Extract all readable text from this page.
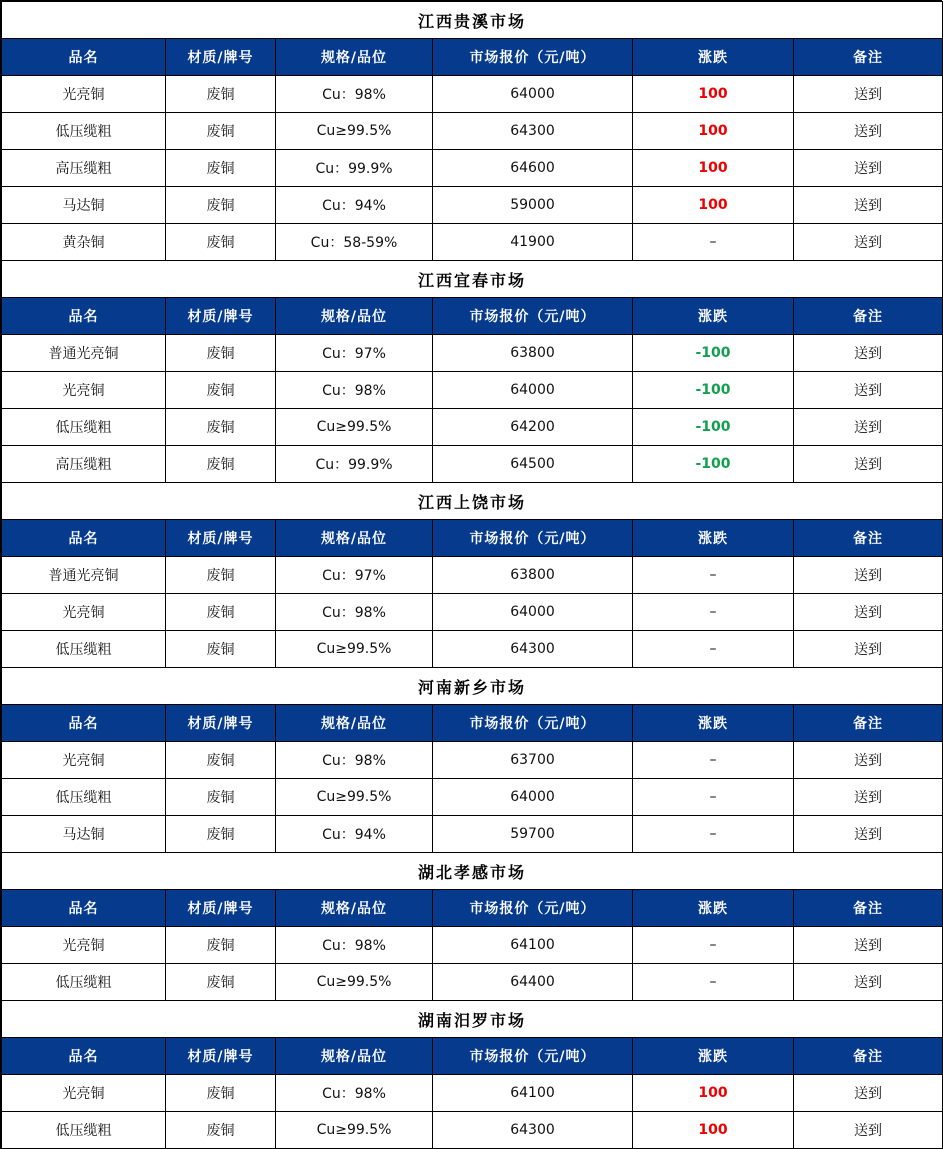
江西贵溪市场					
品名	材质/牌号	规格/品位	市场报价（元/吨）	涨跌	备注
光亮铜	废铜	Cu：98%	64000	100	送到
低压缆粗	废铜	Cu≥99.5%	64300	100	送到
高压缆粗	废铜	Cu：99.9%	64600	100	送到
马达铜	废铜	Cu：94%	59000	100	送到
黄杂铜	废铜	Cu：58-59%	41900	–	送到
江西宜春市场					
品名	材质/牌号	规格/品位	市场报价（元/吨）	涨跌	备注
普通光亮铜	废铜	Cu：97%	63800	-100	送到
光亮铜	废铜	Cu：98%	64000	-100	送到
低压缆粗	废铜	Cu≥99.5%	64200	-100	送到
高压缆粗	废铜	Cu：99.9%	64500	-100	送到
江西上饶市场					
品名	材质/牌号	规格/品位	市场报价（元/吨）	涨跌	备注
普通光亮铜	废铜	Cu：97%	63800	–	送到
光亮铜	废铜	Cu：98%	64000	–	送到
低压缆粗	废铜	Cu≥99.5%	64300	–	送到
河南新乡市场					
品名	材质/牌号	规格/品位	市场报价（元/吨）	涨跌	备注
光亮铜	废铜	Cu：98%	63700	–	送到
低压缆粗	废铜	Cu≥99.5%	64000	–	送到
马达铜	废铜	Cu：94%	59700	–	送到
湖北孝感市场					
品名	材质/牌号	规格/品位	市场报价（元/吨）	涨跌	备注
光亮铜	废铜	Cu：98%	64100	–	送到
低压缆粗	废铜	Cu≥99.5%	64400	–	送到
湖南汨罗市场					
品名	材质/牌号	规格/品位	市场报价（元/吨）	涨跌	备注
光亮铜	废铜	Cu：98%	64100	100	送到
低压缆粗	废铜	Cu≥99.5%	64300	100	送到
